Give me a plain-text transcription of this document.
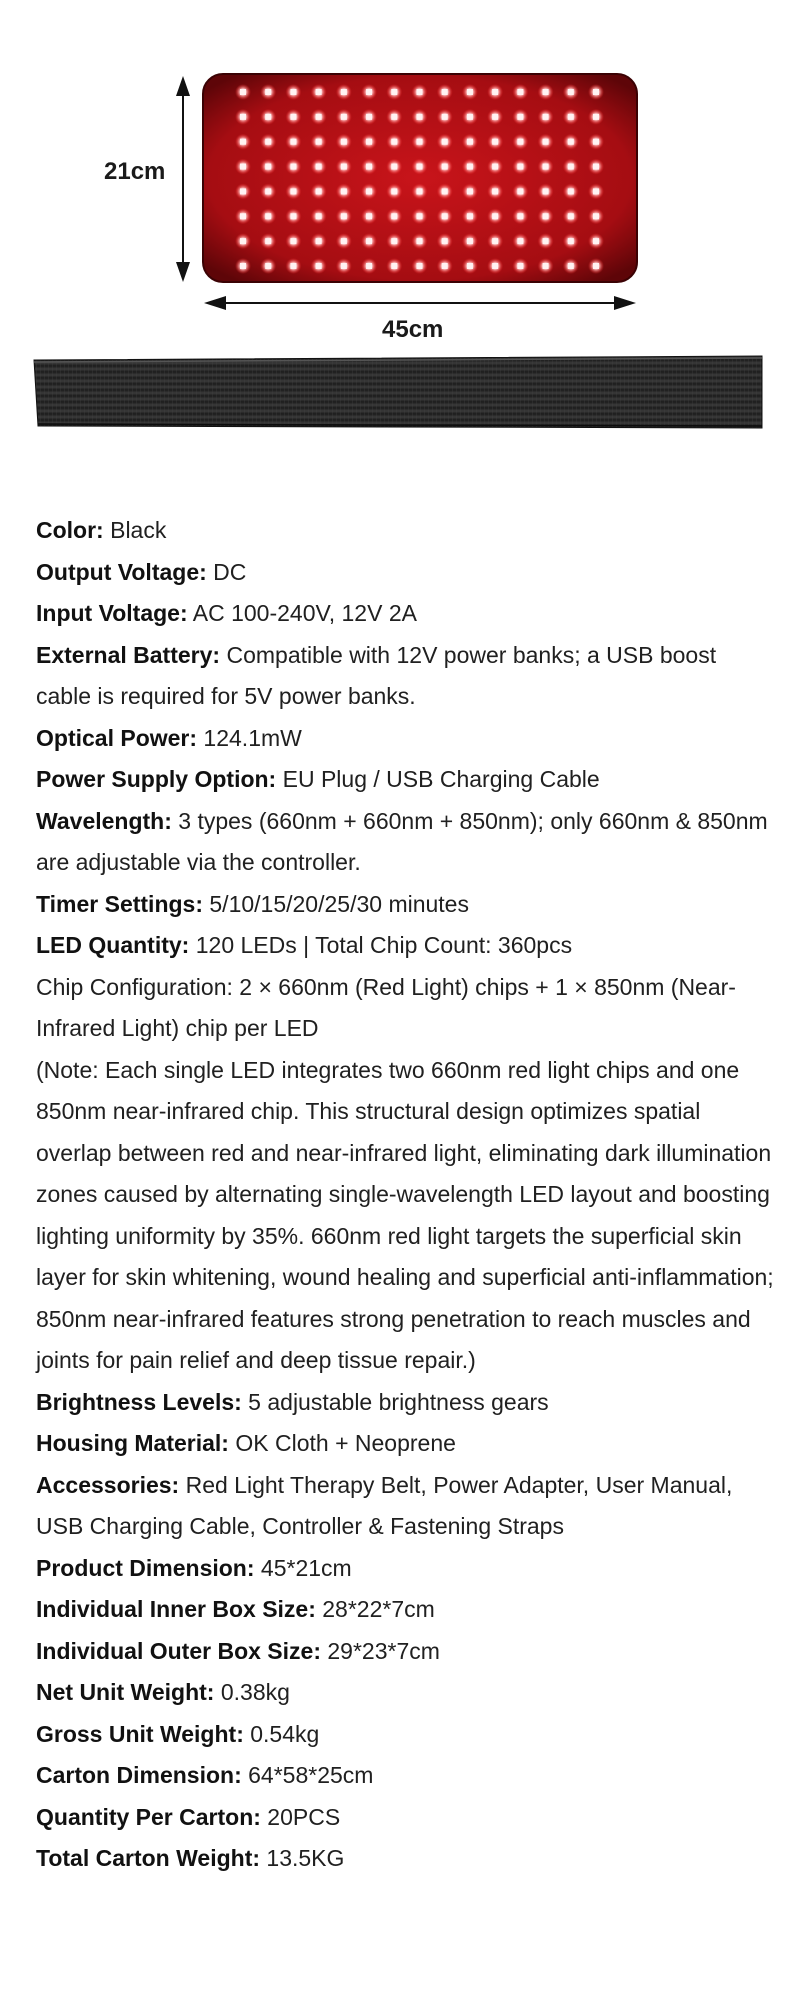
21cm
45cm

Color: Black

Output Voltage: DC

Input Voltage: AC 100-240V, 12V 2A

External Battery: Compatible with 12V power banks; a USB boost cable is required for 5V power banks.

Optical Power: 124.1mW

Power Supply Option: EU Plug / USB Charging Cable

Wavelength: 3 types (660nm + 660nm + 850nm); only 660nm & 850nm are adjustable via the controller.

Timer Settings: 5/10/15/20/25/30 minutes

LED Quantity: 120 LEDs | Total Chip Count: 360pcs

Chip Configuration: 2 × 660nm (Red Light) chips + 1 × 850nm (Near-Infrared Light) chip per LED

(Note: Each single LED integrates two 660nm red light chips and one 850nm near-infrared chip. This structural design optimizes spatial overlap between red and near-infrared light, eliminating dark illumination zones caused by alternating single-wavelength LED layout and boosting lighting uniformity by 35%. 660nm red light targets the superficial skin layer for skin whitening, wound healing and superficial anti-inflammation; 850nm near-infrared features strong penetration to reach muscles and joints for pain relief and deep tissue repair.)

Brightness Levels: 5 adjustable brightness gears

Housing Material: OK Cloth + Neoprene

Accessories: Red Light Therapy Belt, Power Adapter, User Manual, USB Charging Cable, Controller & Fastening Straps

Product Dimension: 45*21cm

Individual Inner Box Size: 28*22*7cm

Individual Outer Box Size: 29*23*7cm

Net Unit Weight: 0.38kg

Gross Unit Weight: 0.54kg

Carton Dimension: 64*58*25cm

Quantity Per Carton: 20PCS

Total Carton Weight: 13.5KG
